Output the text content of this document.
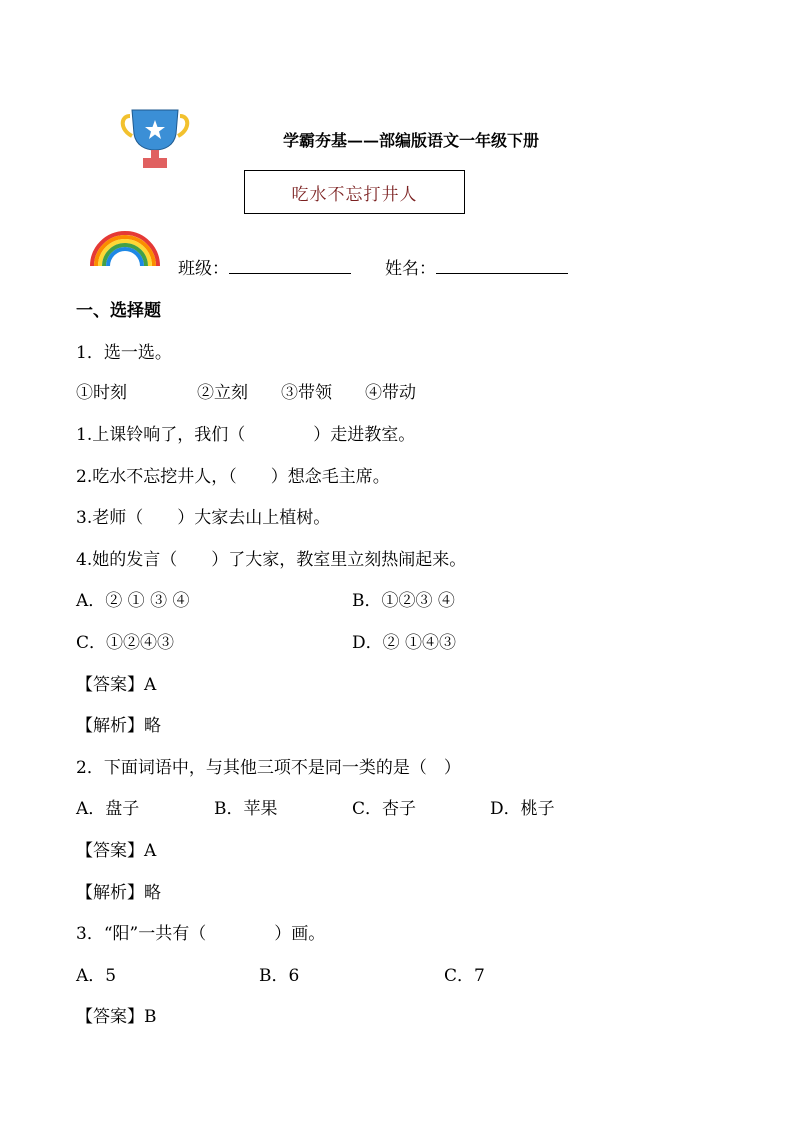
学霸夯基——部编版语文一年级下册
吃水不忘打井人
班级：	姓名：
一、选择题
1．选一选。
①时刻	②立刻 ③带领 ④带动
1.上课铃响了，我们（　　　　）走进教室。
2.吃水不忘挖井人，（　　）想念毛主席。
3.老师（　　）大家去山上植树。
4.她的发言（　　）了大家，教室里立刻热闹起来。
A．② ① ③ ④	B．①②③ ④
C．①②④③	D．② ①④③
【答案】A
【解析】略
2．下面词语中，与其他三项不是同一类的是（　）
A．盘子	B．苹果	C．杏子	D．桃子
【答案】A
【解析】略
3．“阳”一共有（　　　　）画。
A．5	B．6	C．7
【答案】B
